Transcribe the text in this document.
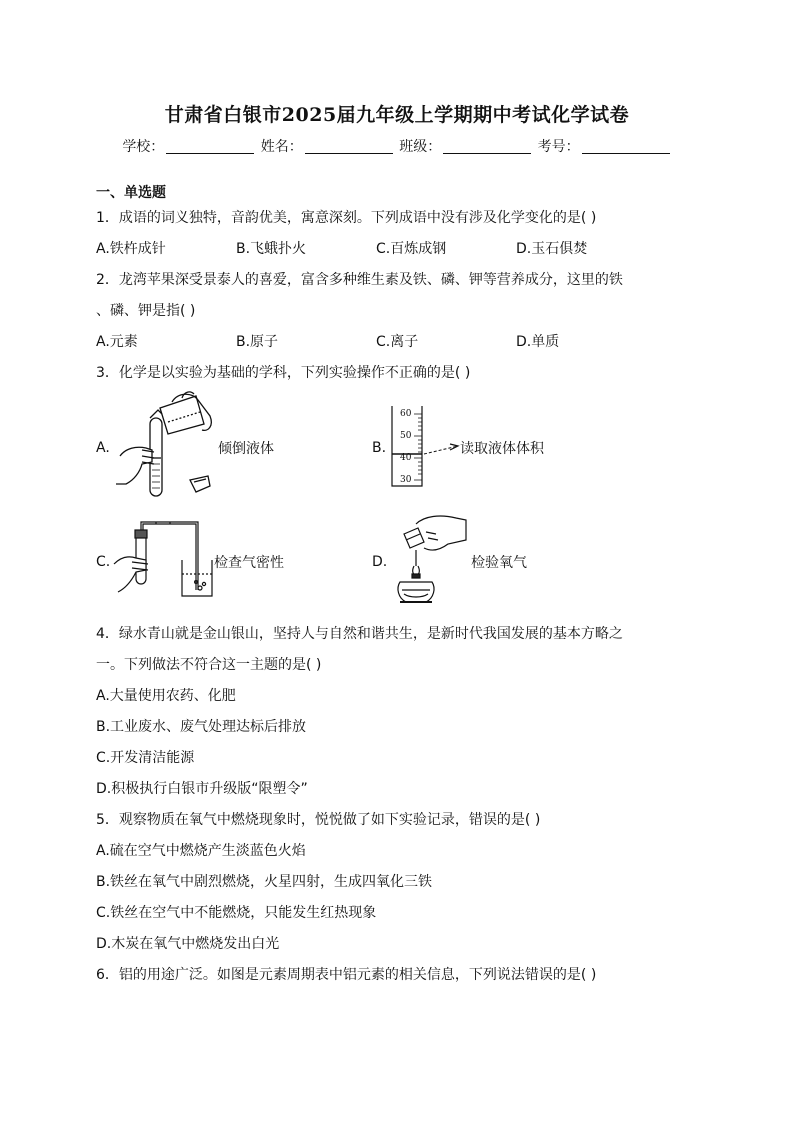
甘肃省白银市2025届九年级上学期期中考试化学试卷
学校：	姓名：	班级：	考号：
一、单选题
1．成语的词义独特，音韵优美，寓意深刻。下列成语中没有涉及化学变化的是( )
A.铁杵成针	B.飞蛾扑火	C.百炼成钢	D.玉石俱焚
2．龙湾苹果深受景泰人的喜爱，富含多种维生素及铁、磷、钾等营养成分，这里的铁
、磷、钾是指( )
A.元素	B.原子	C.离子	D.单质
3．化学是以实验为基础的学科，下列实验操作不正确的是( )
A.	倾倒液体	B.
60
50
40
30
读取液体体积
C.	检查气密性	D.	检验氧气
4．绿水青山就是金山银山，坚持人与自然和谐共生，是新时代我国发展的基本方略之
一。下列做法不符合这一主题的是( )
A.大量使用农药、化肥
B.工业废水、废气处理达标后排放
C.开发清洁能源
D.积极执行白银市升级版“限塑令”
5．观察物质在氧气中燃烧现象时，悦悦做了如下实验记录，错误的是( )
A.硫在空气中燃烧产生淡蓝色火焰
B.铁丝在氧气中剧烈燃烧，火星四射，生成四氧化三铁
C.铁丝在空气中不能燃烧，只能发生红热现象
D.木炭在氧气中燃烧发出白光
6．铝的用途广泛。如图是元素周期表中铝元素的相关信息，下列说法错误的是( )
